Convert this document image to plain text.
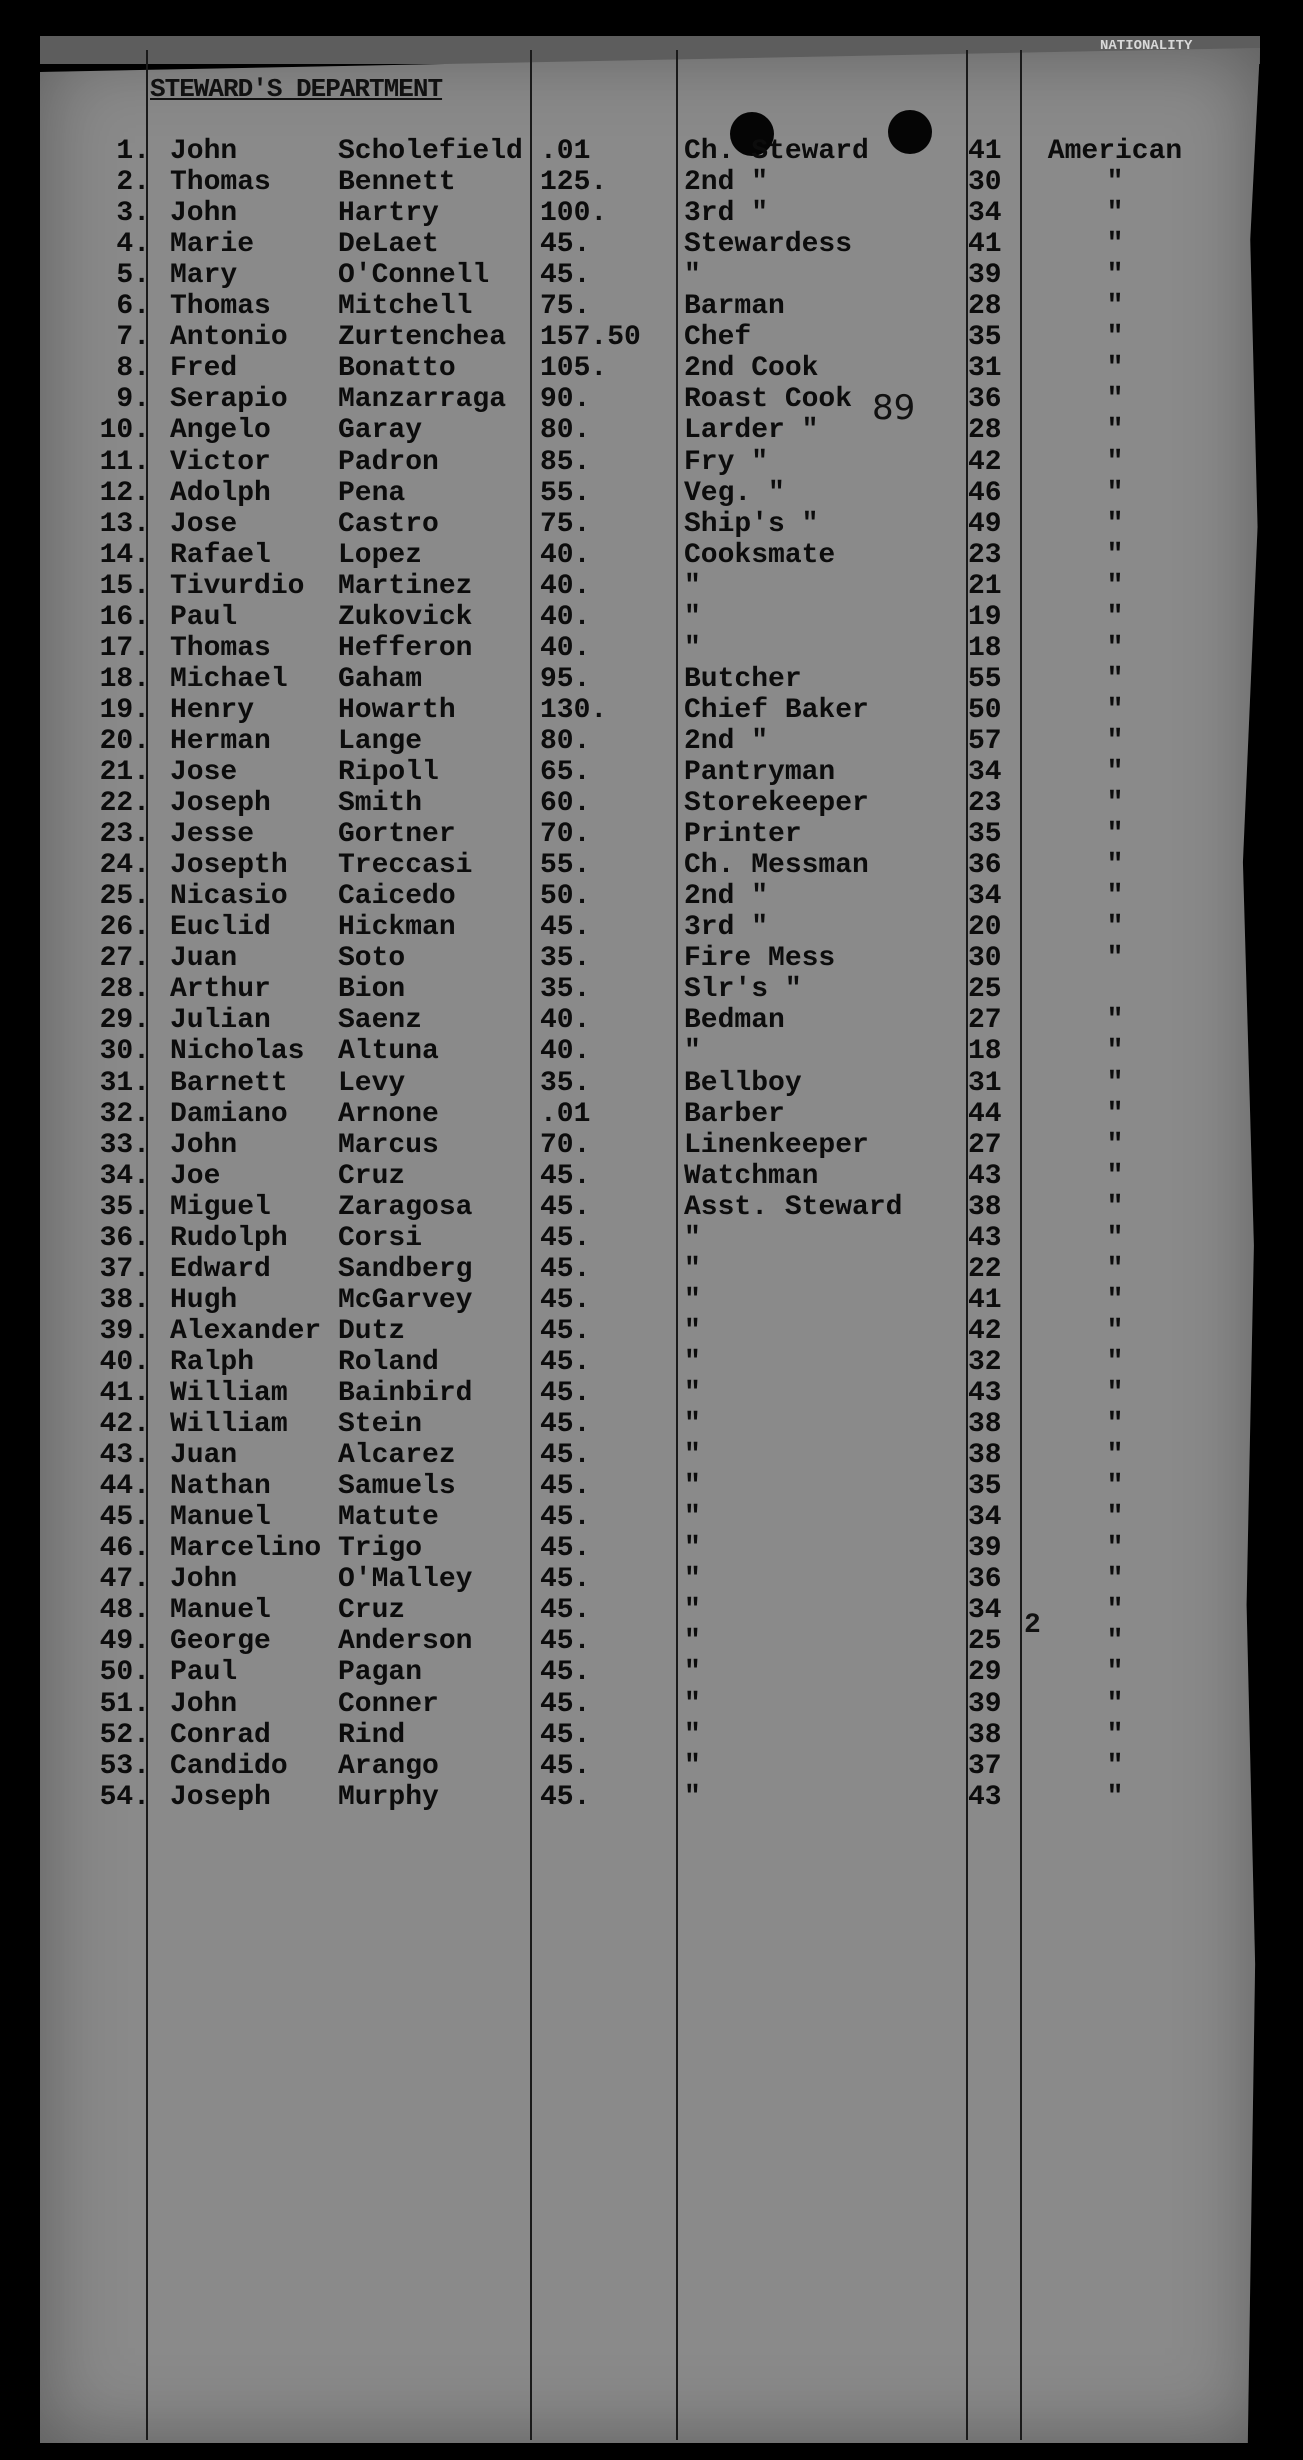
NATIONALITY
STEWARD'S DEPARTMENT
1. John	Scholefield .01	Ch. Steward	41 American
2. Thomas Bennett	125.	2nd "	30	"
3. John	Hartry	100.	3rd "	34	"
4. Marie	DeLaet	45.	Stewardess	41	"
5. Mary	O'Connell 45.	"	39	"
6. Thomas Mitchell 75.	Barman	28	"
7. Antonio Zurtenchea 157.50 Chef	35	"
8. Fred	Bonatto	105.	2nd Cook	31	"
9. Serapio Manzarraga 90.	Roast Cook	36	"
10. Angelo Garay	80.	Larder "	28	"
11. Victor Padron	85.	Fry "	42	"
12. Adolph Pena	55.	Veg. "	46	"
13. Jose	Castro	75.	Ship's "	49	"
14. Rafael Lopez	40.	Cooksmate	23	"
15. Tivurdio Martinez 40.	"	21	"
16. Paul	Zukovick 40.	"	19	"
17. Thomas Hefferon 40.	"	18	"
18. Michael Gaham	95.	Butcher	55	"
19. Henry	Howarth	130.	Chief Baker	50	"
20. Herman Lange	80.	2nd "	57	"
21. Jose	Ripoll	65.	Pantryman	34	"
22. Joseph Smith	60.	Storekeeper	23	"
23. Jesse	Gortner	70.	Printer	35	"
24. Josepth Treccasi 55.	Ch. Messman	36	"
25. Nicasio Caicedo	50.	2nd "	34	"
26. Euclid Hickman	45.	3rd "	20	"
27. Juan	Soto	35.	Fire Mess	30	"
28. Arthur Bion	35.	Slr's "	25
29. Julian Saenz	40.	Bedman	27	"
30. Nicholas Altuna	40.	"	18	"
31. Barnett Levy	35.	Bellboy	31	"
32. Damiano Arnone	.01	Barber	44	"
33. John	Marcus	70.	Linenkeeper	27	"
34. Joe	Cruz	45.	Watchman	43	"
35. Miguel Zaragosa 45.	Asst. Steward 38	"
36. Rudolph Corsi	45.	"	43	"
37. Edward Sandberg 45.	"	22	"
38. Hugh	McGarvey 45.	"	41	"
39. Alexander Dutz	45.	"	42	"
40. Ralph	Roland	45.	"	32	"
41. William Bainbird 45.	"	43	"
42. William Stein	45.	"	38	"
43. Juan	Alcarez	45.	"	38	"
44. Nathan Samuels	45.	"	35	"
45. Manuel Matute	45.	"	34	"
46. Marcelino Trigo	45.	"	39	"
47. John	O'Malley 45.	"	36	"
48. Manuel Cruz	45.	"	34	"
49. George Anderson 45.	"	25	"
50. Paul	Pagan	45.	"	29	"
51. John	Conner	45.	"	39	"
52. Conrad Rind	45.	"	38	"
53. Candido Arango	45.	"	37	"
54. Joseph Murphy	45.	"	43	"
89
2
